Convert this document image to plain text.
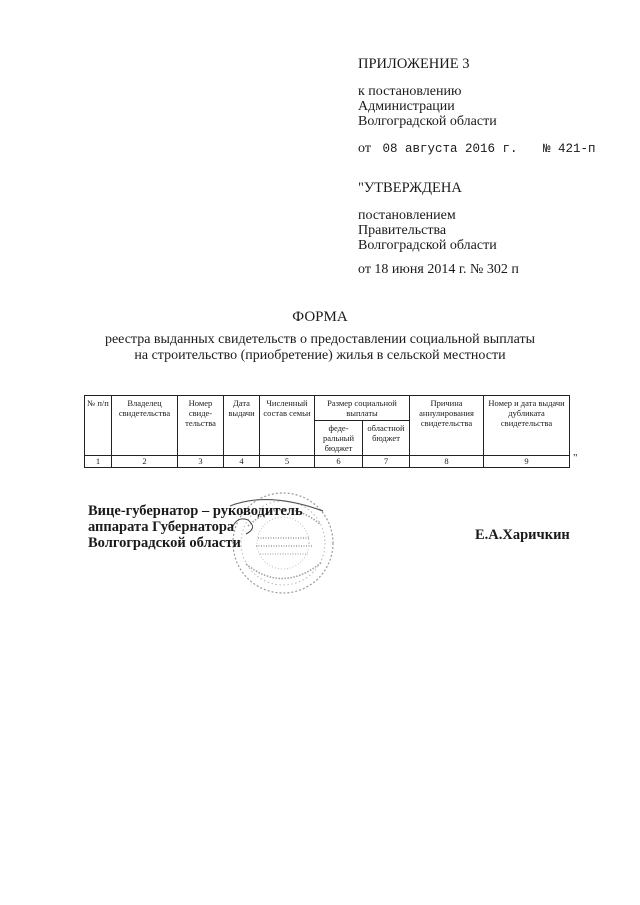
ПРИЛОЖЕНИЕ 3
к постановлению
Администрации
Волгоградской области
от 08 августа 2016 г. № 421-п
"УТВЕРЖДЕНА
постановлением
Правительства
Волгоградской области
от 18 июня 2014 г. № 302 п
ФОРМА
реестра выданных свидетельств о предоставлении социальной выплаты
на строительство (приобретение) жилья в сельской местности
№ п/п	Владелец свидетельства	Номер свиде- тельства	Дата выдачи	Численный состав семьи	Размер социальной выплаты		Причина аннулирования свидетельства	Номер и дата выдачи дубликата свидетельства
					феде- ральный бюджет	областной бюджет		
1	2	3	4	5	6	7	8	9	"
Вице-губернатор – руководитель
аппарата Губернатора
Волгоградской области	Е.А.Харичкин
